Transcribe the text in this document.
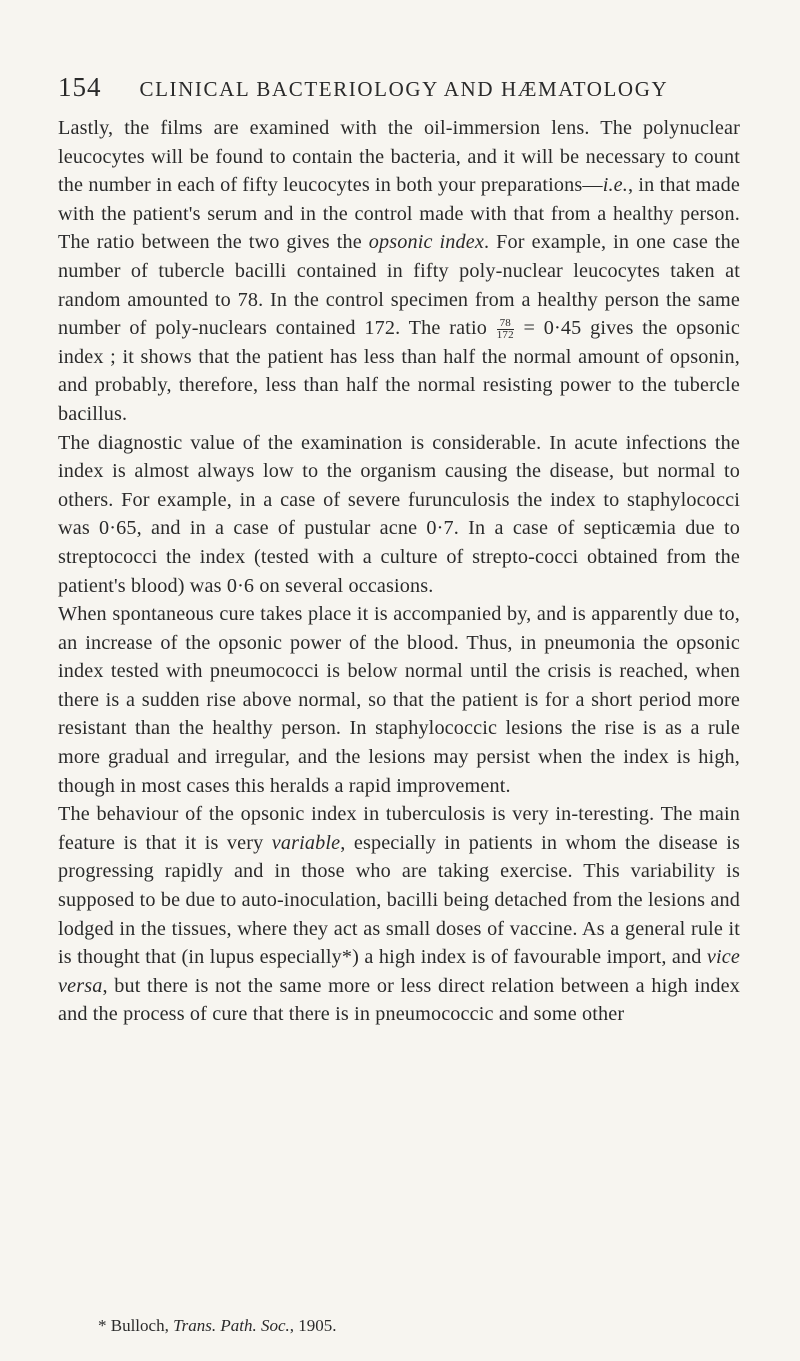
154 CLINICAL BACTERIOLOGY AND HÆMATOLOGY

Lastly, the films are examined with the oil-immersion lens. The polynuclear leucocytes will be found to contain the bacteria, and it will be necessary to count the number in each of fifty leucocytes in both your preparations—i.e., in that made with the patient's serum and in the control made with that from a healthy person. The ratio between the two gives the opsonic index. For example, in one case the number of tubercle bacilli contained in fifty poly-nuclear leucocytes taken at random amounted to 78. In the control specimen from a healthy person the same number of poly-nuclears contained 172. The ratio $\frac{78}{172} = 0\cdot 45$ gives the opsonic index ; it shows that the patient has less than half the normal amount of opsonin, and probably, therefore, less than half the normal resisting power to the tubercle bacillus.

The diagnostic value of the examination is considerable. In acute infections the index is almost always low to the organism causing the disease, but normal to others. For example, in a case of severe furunculosis the index to staphylococci was 0·65, and in a case of pustular acne 0·7. In a case of septicæmia due to streptococci the index (tested with a culture of strepto-cocci obtained from the patient's blood) was 0·6 on several occasions.

When spontaneous cure takes place it is accompanied by, and is apparently due to, an increase of the opsonic power of the blood. Thus, in pneumonia the opsonic index tested with pneumococci is below normal until the crisis is reached, when there is a sudden rise above normal, so that the patient is for a short period more resistant than the healthy person. In staphylococcic lesions the rise is as a rule more gradual and irregular, and the lesions may persist when the index is high, though in most cases this heralds a rapid improvement.

The behaviour of the opsonic index in tuberculosis is very in-teresting. The main feature is that it is very variable, especially in patients in whom the disease is progressing rapidly and in those who are taking exercise. This variability is supposed to be due to auto-inoculation, bacilli being detached from the lesions and lodged in the tissues, where they act as small doses of vaccine. As a general rule it is thought that (in lupus especially*) a high index is of favourable import, and vice versa, but there is not the same more or less direct relation between a high index and the process of cure that there is in pneumococcic and some other

* Bulloch, Trans. Path. Soc., 1905.
